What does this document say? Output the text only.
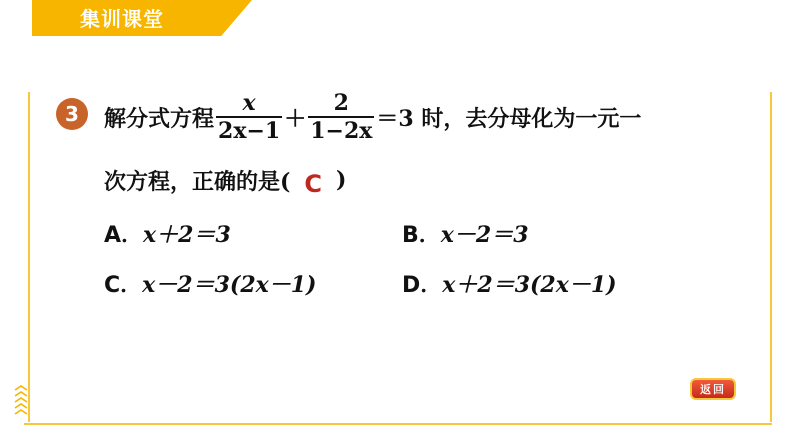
集训课堂
3	解分式方程 $\frac{x}{2x-1} + \frac{2}{1-2x} =3$ 时，去分母化为一元一
次方程，正确的是( C )
A．x＋2＝3	B．x－2＝3
C．x－2＝3(2x－1)	D．x＋2＝3(2x－1)
返回
